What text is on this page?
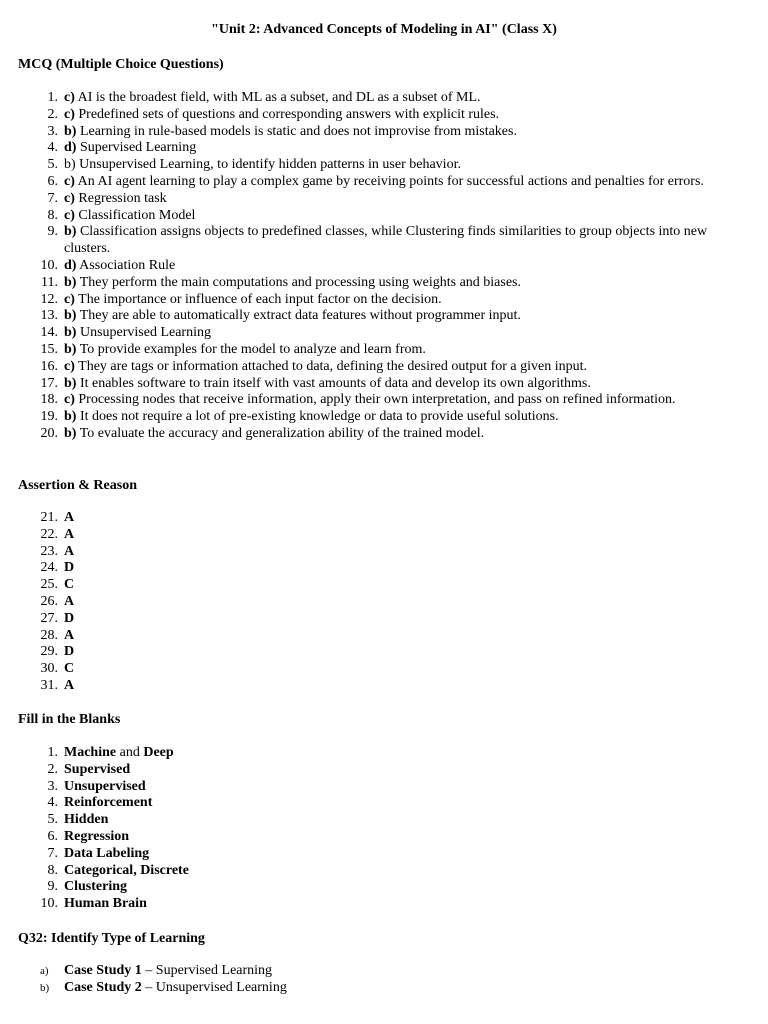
"Unit 2: Advanced Concepts of Modeling in AI" (Class X)
MCQ (Multiple Choice Questions)
1. c) AI is the broadest field, with ML as a subset, and DL as a subset of ML.
2. c) Predefined sets of questions and corresponding answers with explicit rules.
3. b) Learning in rule-based models is static and does not improvise from mistakes.
4. d) Supervised Learning
5. b) Unsupervised Learning, to identify hidden patterns in user behavior.
6. c) An AI agent learning to play a complex game by receiving points for successful actions and penalties for errors.
7. c) Regression task
8. c) Classification Model
9. b) Classification assigns objects to predefined classes, while Clustering finds similarities to group objects into new clusters.
10. d) Association Rule
11. b) They perform the main computations and processing using weights and biases.
12. c) The importance or influence of each input factor on the decision.
13. b) They are able to automatically extract data features without programmer input.
14. b) Unsupervised Learning
15. b) To provide examples for the model to analyze and learn from.
16. c) They are tags or information attached to data, defining the desired output for a given input.
17. b) It enables software to train itself with vast amounts of data and develop its own algorithms.
18. c) Processing nodes that receive information, apply their own interpretation, and pass on refined information.
19. b) It does not require a lot of pre-existing knowledge or data to provide useful solutions.
20. b) To evaluate the accuracy and generalization ability of the trained model.
Assertion & Reason
21. A
22. A
23. A
24. D
25. C
26. A
27. D
28. A
29. D
30. C
31. A
Fill in the Blanks
1. Machine and Deep
2. Supervised
3. Unsupervised
4. Reinforcement
5. Hidden
6. Regression
7. Data Labeling
8. Categorical, Discrete
9. Clustering
10. Human Brain
Q32: Identify Type of Learning
a)	Case Study 1 – Supervised Learning
b)	Case Study 2 – Unsupervised Learning
